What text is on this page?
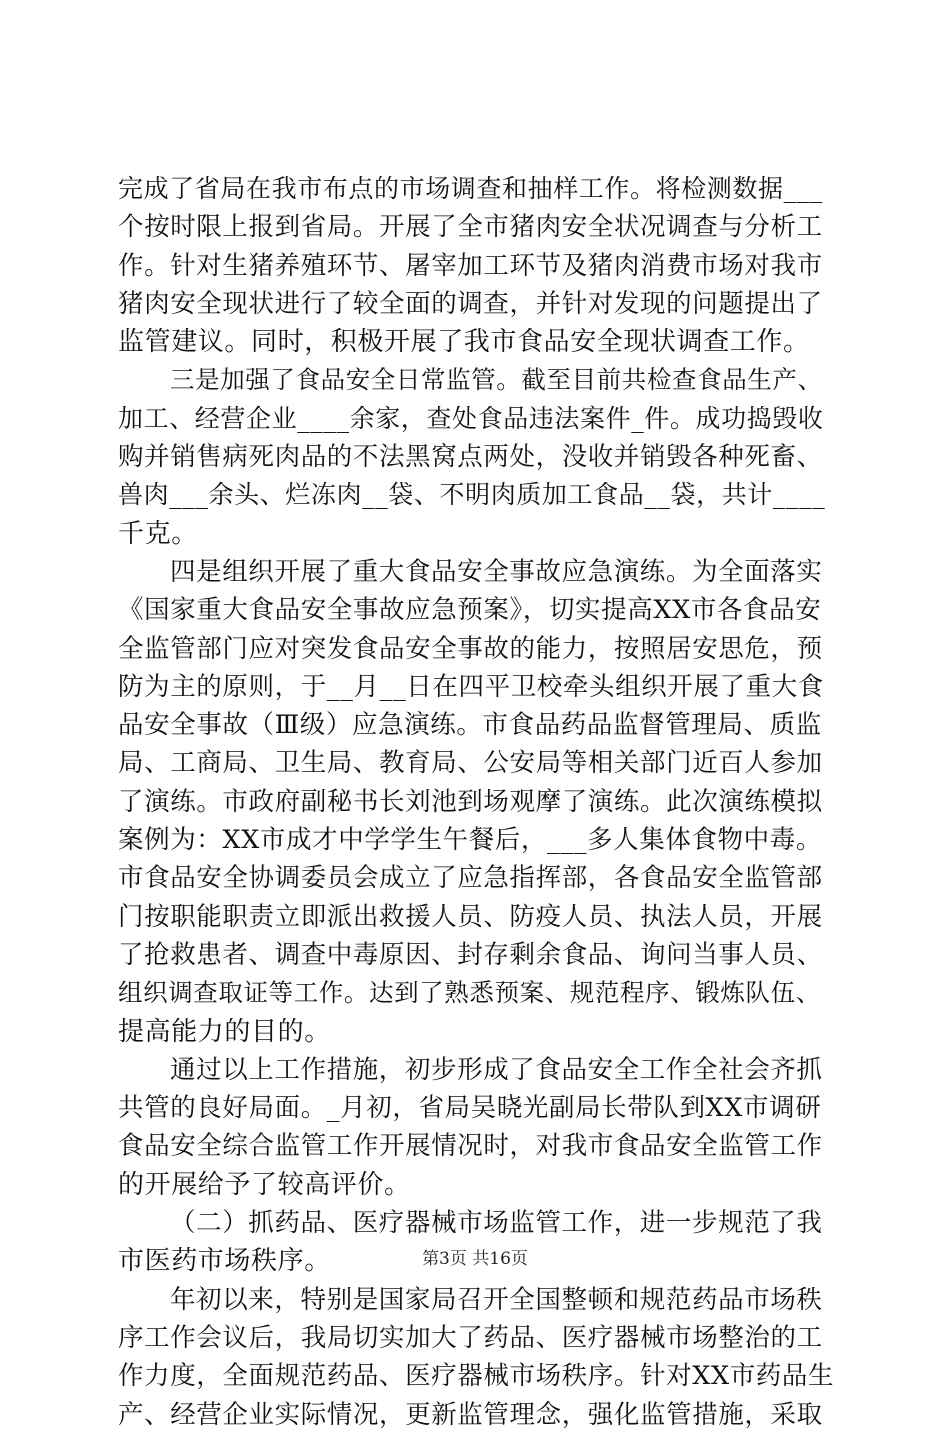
完成了省局在我市布点的市场调查和抽样工作。将检测数据___
个按时限上报到省局。开展了全市猪肉安全状况调查与分析工
作。针对生猪养殖环节、屠宰加工环节及猪肉消费市场对我市
猪肉安全现状进行了较全面的调查，并针对发现的问题提出了
监管建议。同时，积极开展了我市食品安全现状调查工作。
三是加强了食品安全日常监管。截至目前共检查食品生产、
加工、经营企业____余家，查处食品违法案件_件。成功捣毁收
购并销售病死肉品的不法黑窝点两处，没收并销毁各种死畜、
兽肉___余头、烂冻肉__袋、不明肉质加工食品__袋，共计____
千克。
四是组织开展了重大食品安全事故应急演练。为全面落实
《国家重大食品安全事故应急预案》，切实提高XX市各食品安
全监管部门应对突发食品安全事故的能力，按照居安思危，预
防为主的原则，于__月__日在四平卫校牵头组织开展了重大食
品安全事故（Ⅲ级）应急演练。市食品药品监督管理局、质监
局、工商局、卫生局、教育局、公安局等相关部门近百人参加
了演练。市政府副秘书长刘池到场观摩了演练。此次演练模拟
案例为：XX市成才中学学生午餐后，___多人集体食物中毒。
市食品安全协调委员会成立了应急指挥部，各食品安全监管部
门按职能职责立即派出救援人员、防疫人员、执法人员，开展
了抢救患者、调查中毒原因、封存剩余食品、询问当事人员、
组织调查取证等工作。达到了熟悉预案、规范程序、锻炼队伍、
提高能力的目的。
通过以上工作措施，初步形成了食品安全工作全社会齐抓
共管的良好局面。_月初，省局吴晓光副局长带队到XX市调研
食品安全综合监管工作开展情况时，对我市食品安全监管工作
的开展给予了较高评价。
（二）抓药品、医疗器械市场监管工作，进一步规范了我
市医药市场秩序。
年初以来，特别是国家局召开全国整顿和规范药品市场秩
序工作会议后，我局切实加大了药品、医疗器械市场整治的工
作力度，全面规范药品、医疗器械市场秩序。针对XX市药品生
产、经营企业实际情况，更新监管理念，强化监管措施，采取
第3页 共16页
